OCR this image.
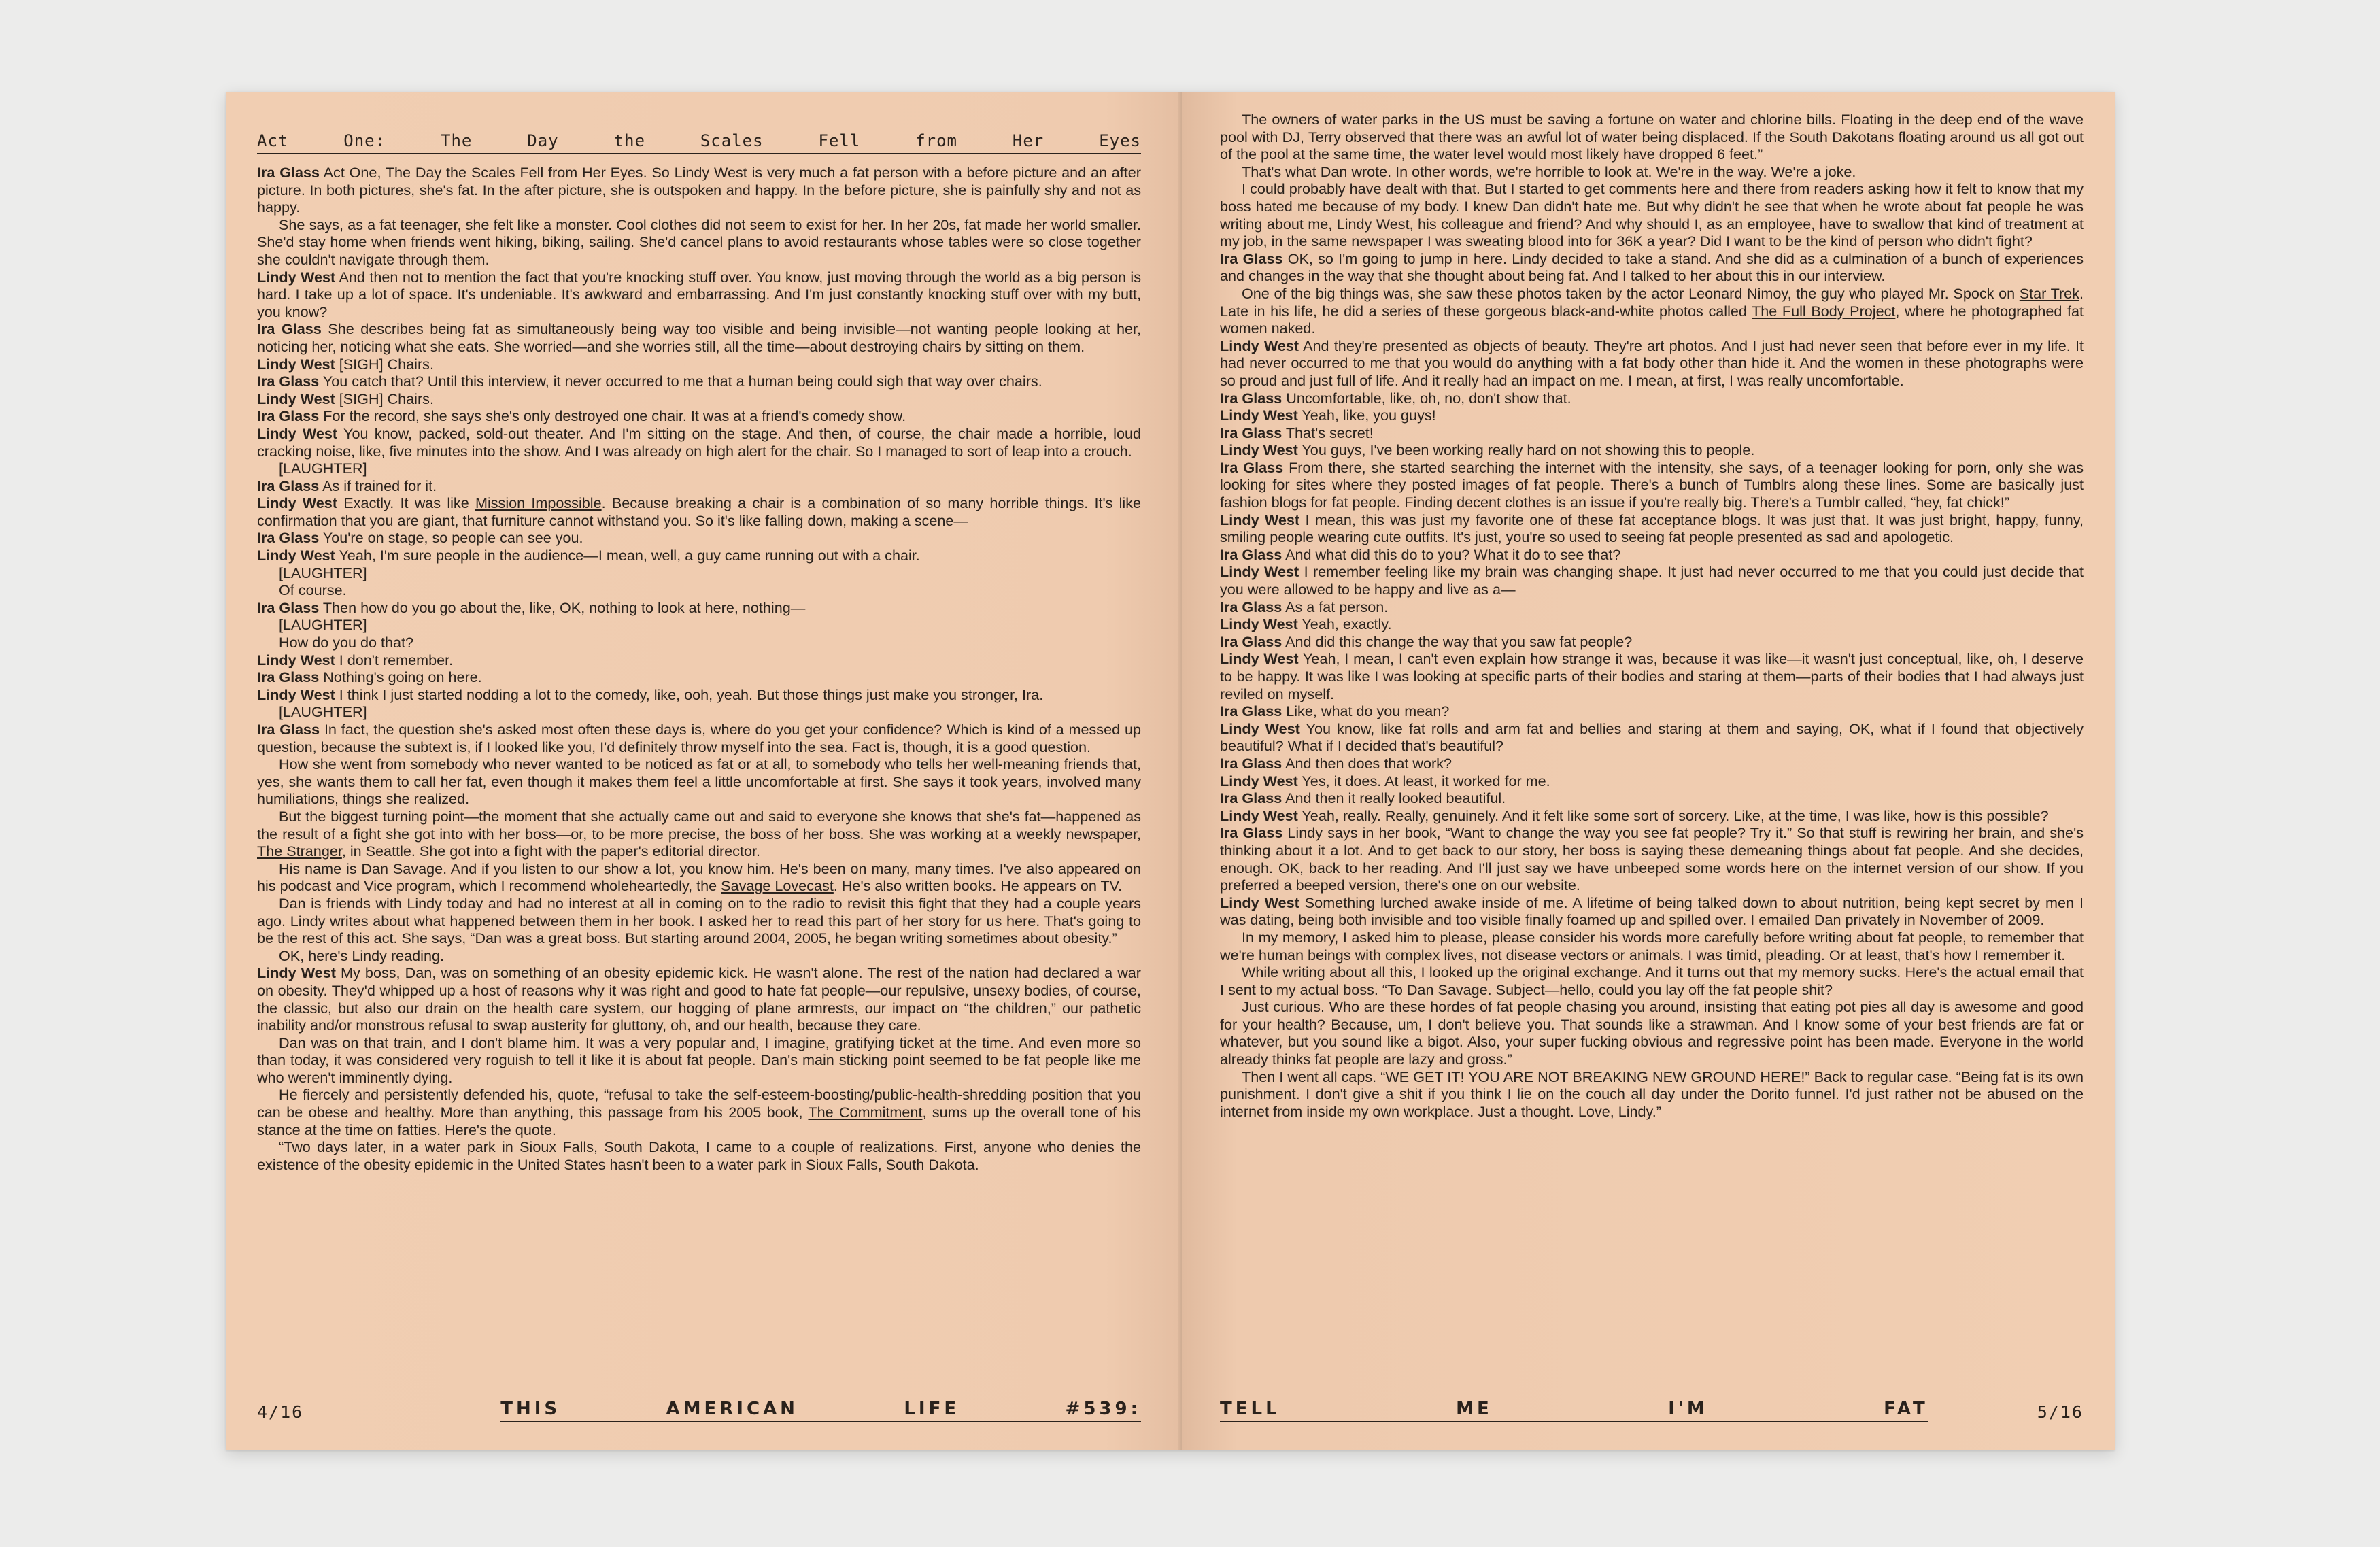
Act	One:	The	Day	the	Scales	Fell	from	Her	Eyes

Ira Glass Act One, The Day the Scales Fell from Her Eyes. So Lindy West is very much a fat person with a before picture and an after picture. In both pictures, she's fat. In the after picture, she is outspoken and happy. In the before picture, she is painfully shy and not as happy.

She says, as a fat teenager, she felt like a monster. Cool clothes did not seem to exist for her. In her 20s, fat made her world smaller. She'd stay home when friends went hiking, biking, sailing. She'd cancel plans to avoid restaurants whose tables were so close together she couldn't navigate through them.

Lindy West And then not to mention the fact that you're knocking stuff over. You know, just moving through the world as a big person is hard. I take up a lot of space. It's undeniable. It's awkward and embarrassing. And I'm just constantly knocking stuff over with my butt, you know?

Ira Glass She describes being fat as simultaneously being way too visible and being invisible—not wanting people looking at her, noticing her, noticing what she eats. She worried—and she worries still, all the time—about destroying chairs by sitting on them.

Lindy West [SIGH] Chairs.

Ira Glass You catch that? Until this interview, it never occurred to me that a human being could sigh that way over chairs.

Lindy West [SIGH] Chairs.

Ira Glass For the record, she says she's only destroyed one chair. It was at a friend's comedy show.

Lindy West You know, packed, sold-out theater. And I'm sitting on the stage. And then, of course, the chair made a horrible, loud cracking noise, like, five minutes into the show. And I was already on high alert for the chair. So I managed to sort of leap into a crouch.

[LAUGHTER]

Ira Glass As if trained for it.

Lindy West Exactly. It was like Mission Impossible. Because breaking a chair is a combination of so many horrible things. It's like confirmation that you are giant, that furniture cannot withstand you. So it's like falling down, making a scene—

Ira Glass You're on stage, so people can see you.

Lindy West Yeah, I'm sure people in the audience—I mean, well, a guy came running out with a chair.

[LAUGHTER]

Of course.

Ira Glass Then how do you go about the, like, OK, nothing to look at here, nothing—

[LAUGHTER]

How do you do that?

Lindy West I don't remember.

Ira Glass Nothing's going on here.

Lindy West I think I just started nodding a lot to the comedy, like, ooh, yeah. But those things just make you stronger, Ira.

[LAUGHTER]

Ira Glass In fact, the question she's asked most often these days is, where do you get your confidence? Which is kind of a messed up question, because the subtext is, if I looked like you, I'd definitely throw myself into the sea. Fact is, though, it is a good question.

How she went from somebody who never wanted to be noticed as fat or at all, to somebody who tells her well-meaning friends that, yes, she wants them to call her fat, even though it makes them feel a little uncomfortable at first. She says it took years, involved many humiliations, things she realized.

But the biggest turning point—the moment that she actually came out and said to everyone she knows that she's fat—happened as the result of a fight she got into with her boss—or, to be more precise, the boss of her boss. She was working at a weekly newspaper, The Stranger, in Seattle. She got into a fight with the paper's editorial director.

His name is Dan Savage. And if you listen to our show a lot, you know him. He's been on many, many times. I've also appeared on his podcast and Vice program, which I recommend wholeheartedly, the Savage Lovecast. He's also written books. He appears on TV.

Dan is friends with Lindy today and had no interest at all in coming on to the radio to revisit this fight that they had a couple years ago. Lindy writes about what happened between them in her book. I asked her to read this part of her story for us here. That's going to be the rest of this act. She says, “Dan was a great boss. But starting around 2004, 2005, he began writing sometimes about obesity.”

OK, here's Lindy reading.

Lindy West My boss, Dan, was on something of an obesity epidemic kick. He wasn't alone. The rest of the nation had declared a war on obesity. They'd whipped up a host of reasons why it was right and good to hate fat people—our repulsive, unsexy bodies, of course, the classic, but also our drain on the health care system, our hogging of plane armrests, our impact on “the children,” our pathetic inability and/or monstrous refusal to swap austerity for gluttony, oh, and our health, because they care.

Dan was on that train, and I don't blame him. It was a very popular and, I imagine, gratifying ticket at the time. And even more so than today, it was considered very roguish to tell it like it is about fat people. Dan's main sticking point seemed to be fat people like me who weren't imminently dying.

He fiercely and persistently defended his, quote, “refusal to take the self-esteem-boosting/public-health-shredding position that you can be obese and healthy. More than anything, this passage from his 2005 book, The Commitment, sums up the overall tone of his stance at the time on fatties. Here's the quote.

“Two days later, in a water park in Sioux Falls, South Dakota, I came to a couple of realizations. First, anyone who denies the existence of the obesity epidemic in the United States hasn't been to a water park in Sioux Falls, South Dakota.

4/16	THIS	AMERICAN	LIFE	#539:

The owners of water parks in the US must be saving a fortune on water and chlorine bills. Floating in the deep end of the wave pool with DJ, Terry observed that there was an awful lot of water being displaced. If the South Dakotans floating around us all got out of the pool at the same time, the water level would most likely have dropped 6 feet.”

That's what Dan wrote. In other words, we're horrible to look at. We're in the way. We're a joke.

I could probably have dealt with that. But I started to get comments here and there from readers asking how it felt to know that my boss hated me because of my body. I knew Dan didn't hate me. But why didn't he see that when he wrote about fat people he was writing about me, Lindy West, his colleague and friend? And why should I, as an employee, have to swallow that kind of treatment at my job, in the same newspaper I was sweating blood into for 36K a year? Did I want to be the kind of person who didn't fight?

Ira Glass OK, so I'm going to jump in here. Lindy decided to take a stand. And she did as a culmination of a bunch of experiences and changes in the way that she thought about being fat. And I talked to her about this in our interview.

One of the big things was, she saw these photos taken by the actor Leonard Nimoy, the guy who played Mr. Spock on Star Trek. Late in his life, he did a series of these gorgeous black-and-white photos called The Full Body Project, where he photographed fat women naked.

Lindy West And they're presented as objects of beauty. They're art photos. And I just had never seen that before ever in my life. It had never occurred to me that you would do anything with a fat body other than hide it. And the women in these photographs were so proud and just full of life. And it really had an impact on me. I mean, at first, I was really uncomfortable.

Ira Glass Uncomfortable, like, oh, no, don't show that.

Lindy West Yeah, like, you guys!

Ira Glass That's secret!

Lindy West You guys, I've been working really hard on not showing this to people.

Ira Glass From there, she started searching the internet with the intensity, she says, of a teenager looking for porn, only she was looking for sites where they posted images of fat people. There's a bunch of Tumblrs along these lines. Some are basically just fashion blogs for fat people. Finding decent clothes is an issue if you're really big. There's a Tumblr called, “hey, fat chick!”

Lindy West I mean, this was just my favorite one of these fat acceptance blogs. It was just that. It was just bright, happy, funny, smiling people wearing cute outfits. It's just, you're so used to seeing fat people presented as sad and apologetic.

Ira Glass And what did this do to you? What it do to see that?

Lindy West I remember feeling like my brain was changing shape. It just had never occurred to me that you could just decide that you were allowed to be happy and live as a—

Ira Glass As a fat person.

Lindy West Yeah, exactly.

Ira Glass And did this change the way that you saw fat people?

Lindy West Yeah, I mean, I can't even explain how strange it was, because it was like—it wasn't just conceptual, like, oh, I deserve to be happy. It was like I was looking at specific parts of their bodies and staring at them—parts of their bodies that I had always just reviled on myself.

Ira Glass Like, what do you mean?

Lindy West You know, like fat rolls and arm fat and bellies and staring at them and saying, OK, what if I found that objectively beautiful? What if I decided that's beautiful?

Ira Glass And then does that work?

Lindy West Yes, it does. At least, it worked for me.

Ira Glass And then it really looked beautiful.

Lindy West Yeah, really. Really, genuinely. And it felt like some sort of sorcery. Like, at the time, I was like, how is this possible?

Ira Glass Lindy says in her book, “Want to change the way you see fat people? Try it.” So that stuff is rewiring her brain, and she's thinking about it a lot. And to get back to our story, her boss is saying these demeaning things about fat people. And she decides, enough. OK, back to her reading. And I'll just say we have unbeeped some words here on the internet version of our show. If you preferred a beeped version, there's one on our website.

Lindy West Something lurched awake inside of me. A lifetime of being talked down to about nutrition, being kept secret by men I was dating, being both invisible and too visible finally foamed up and spilled over. I emailed Dan privately in November of 2009.

In my memory, I asked him to please, please consider his words more carefully before writing about fat people, to remember that we're human beings with complex lives, not disease vectors or animals. I was timid, pleading. Or at least, that's how I remember it.

While writing about all this, I looked up the original exchange. And it turns out that my memory sucks. Here's the actual email that I sent to my actual boss. “To Dan Savage. Subject—hello, could you lay off the fat people shit?

Just curious. Who are these hordes of fat people chasing you around, insisting that eating pot pies all day is awesome and good for your health? Because, um, I don't believe you. That sounds like a strawman. And I know some of your best friends are fat or whatever, but you sound like a bigot. Also, your super fucking obvious and regressive point has been made. Everyone in the world already thinks fat people are lazy and gross.”

Then I went all caps. “WE GET IT! YOU ARE NOT BREAKING NEW GROUND HERE!” Back to regular case. “Being fat is its own punishment. I don't give a shit if you think I lie on the couch all day under the Dorito funnel. I'd just rather not be abused on the internet from inside my own workplace. Just a thought. Love, Lindy.”

TELL	ME	I'M	FAT	5/16
